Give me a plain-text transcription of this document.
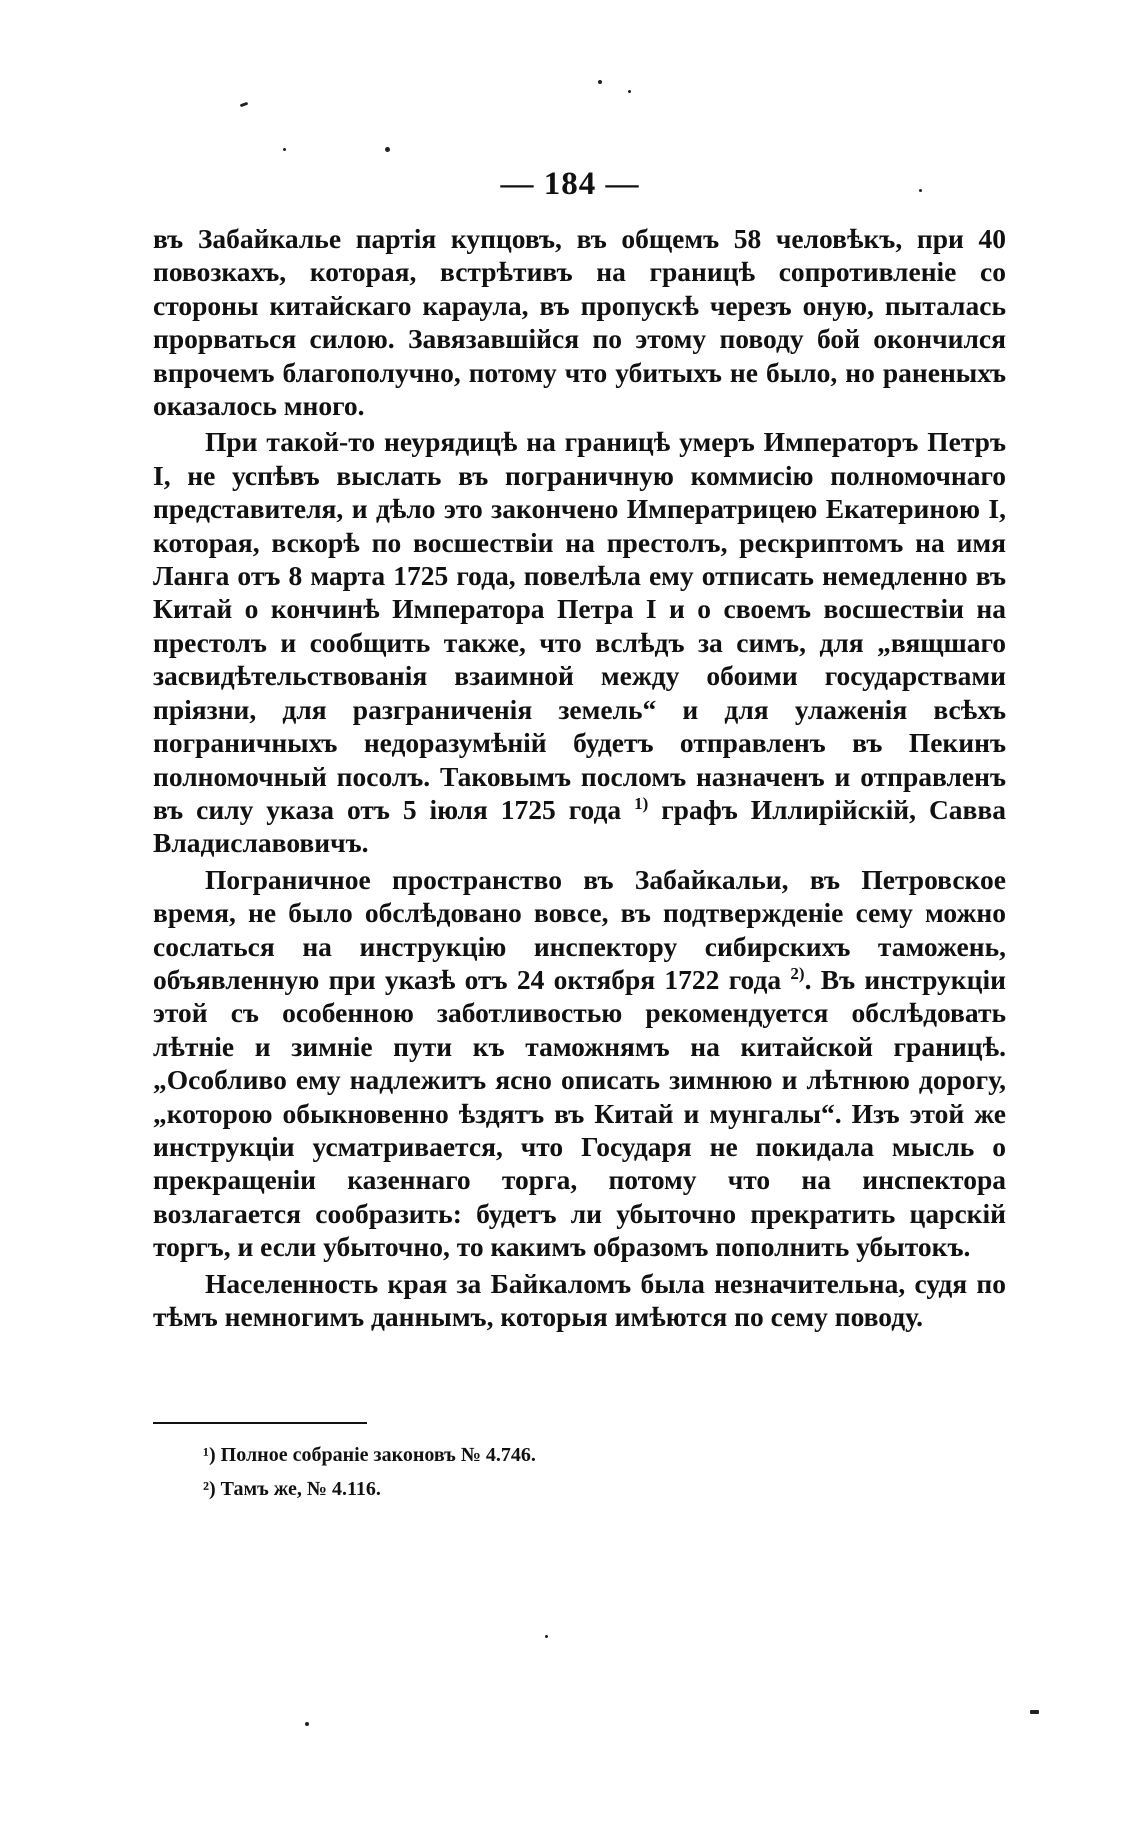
— 184 —

въ Забайкалье партія купцовъ, въ общемъ 58 человѣкъ, при 40 повозкахъ, которая, встрѣтивъ на границѣ сопротивленіе со стороны китайскаго караула, въ пропускѣ черезъ оную, пыталась прорваться силою. Завязавшійся по этому поводу бой окончился впрочемъ благополучно, потому что убитыхъ не было, но раненыхъ оказалось много.

При такой-то неурядицѣ на границѣ умеръ Императоръ Петръ I, не успѣвъ выслать въ пограничную коммисію полномочнаго представителя, и дѣло это закончено Императрицею Екатериною I, которая, вскорѣ по восшествіи на престолъ, рескриптомъ на имя Ланга отъ 8 марта 1725 года, повелѣла ему отписать немедленно въ Китай о кончинѣ Императора Петра I и о своемъ восшествіи на престолъ и сообщить также, что вслѣдъ за симъ, для „вящшаго засвидѣтельствованія взаимной между обоими государствами пріязни, для разграниченія земель“ и для улаженія всѣхъ пограничныхъ недоразумѣній будетъ отправленъ въ Пекинъ полномочный посолъ. Таковымъ посломъ назначенъ и отправленъ въ силу указа отъ 5 іюля 1725 года $^{1)}$ графъ Иллирійскій, Савва Владиславовичъ.

Пограничное пространство въ Забайкальи, въ Петровское время, не было обслѣдовано вовсе, въ подтвержденіе сему можно сослаться на инструкцію инспектору сибирскихъ таможень, объявленную при указѣ отъ 24 октября 1722 года $^{2)}$. Въ инструкціи этой съ особенною заботливостью рекомендуется обслѣдовать лѣтніе и зимніе пути къ таможнямъ на китайской границѣ. „Особливо ему надлежитъ ясно описать зимнюю и лѣтнюю дорогу, „которою обыкновенно ѣздятъ въ Китай и мунгалы“. Изъ этой же инструкціи усматривается, что Государя не покидала мысль о прекращеніи казеннаго торга, потому что на инспектора возлагается сообразить: будетъ ли убыточно прекратить царскій торгъ, и если убыточно, то какимъ образомъ пополнить убытокъ.

Населенность края за Байкаломъ была незначительна, судя по тѣмъ немногимъ даннымъ, которыя имѣются по сему поводу.

¹) Полное собраніе законовъ № 4.746.

²) Тамъ же, № 4.116.
